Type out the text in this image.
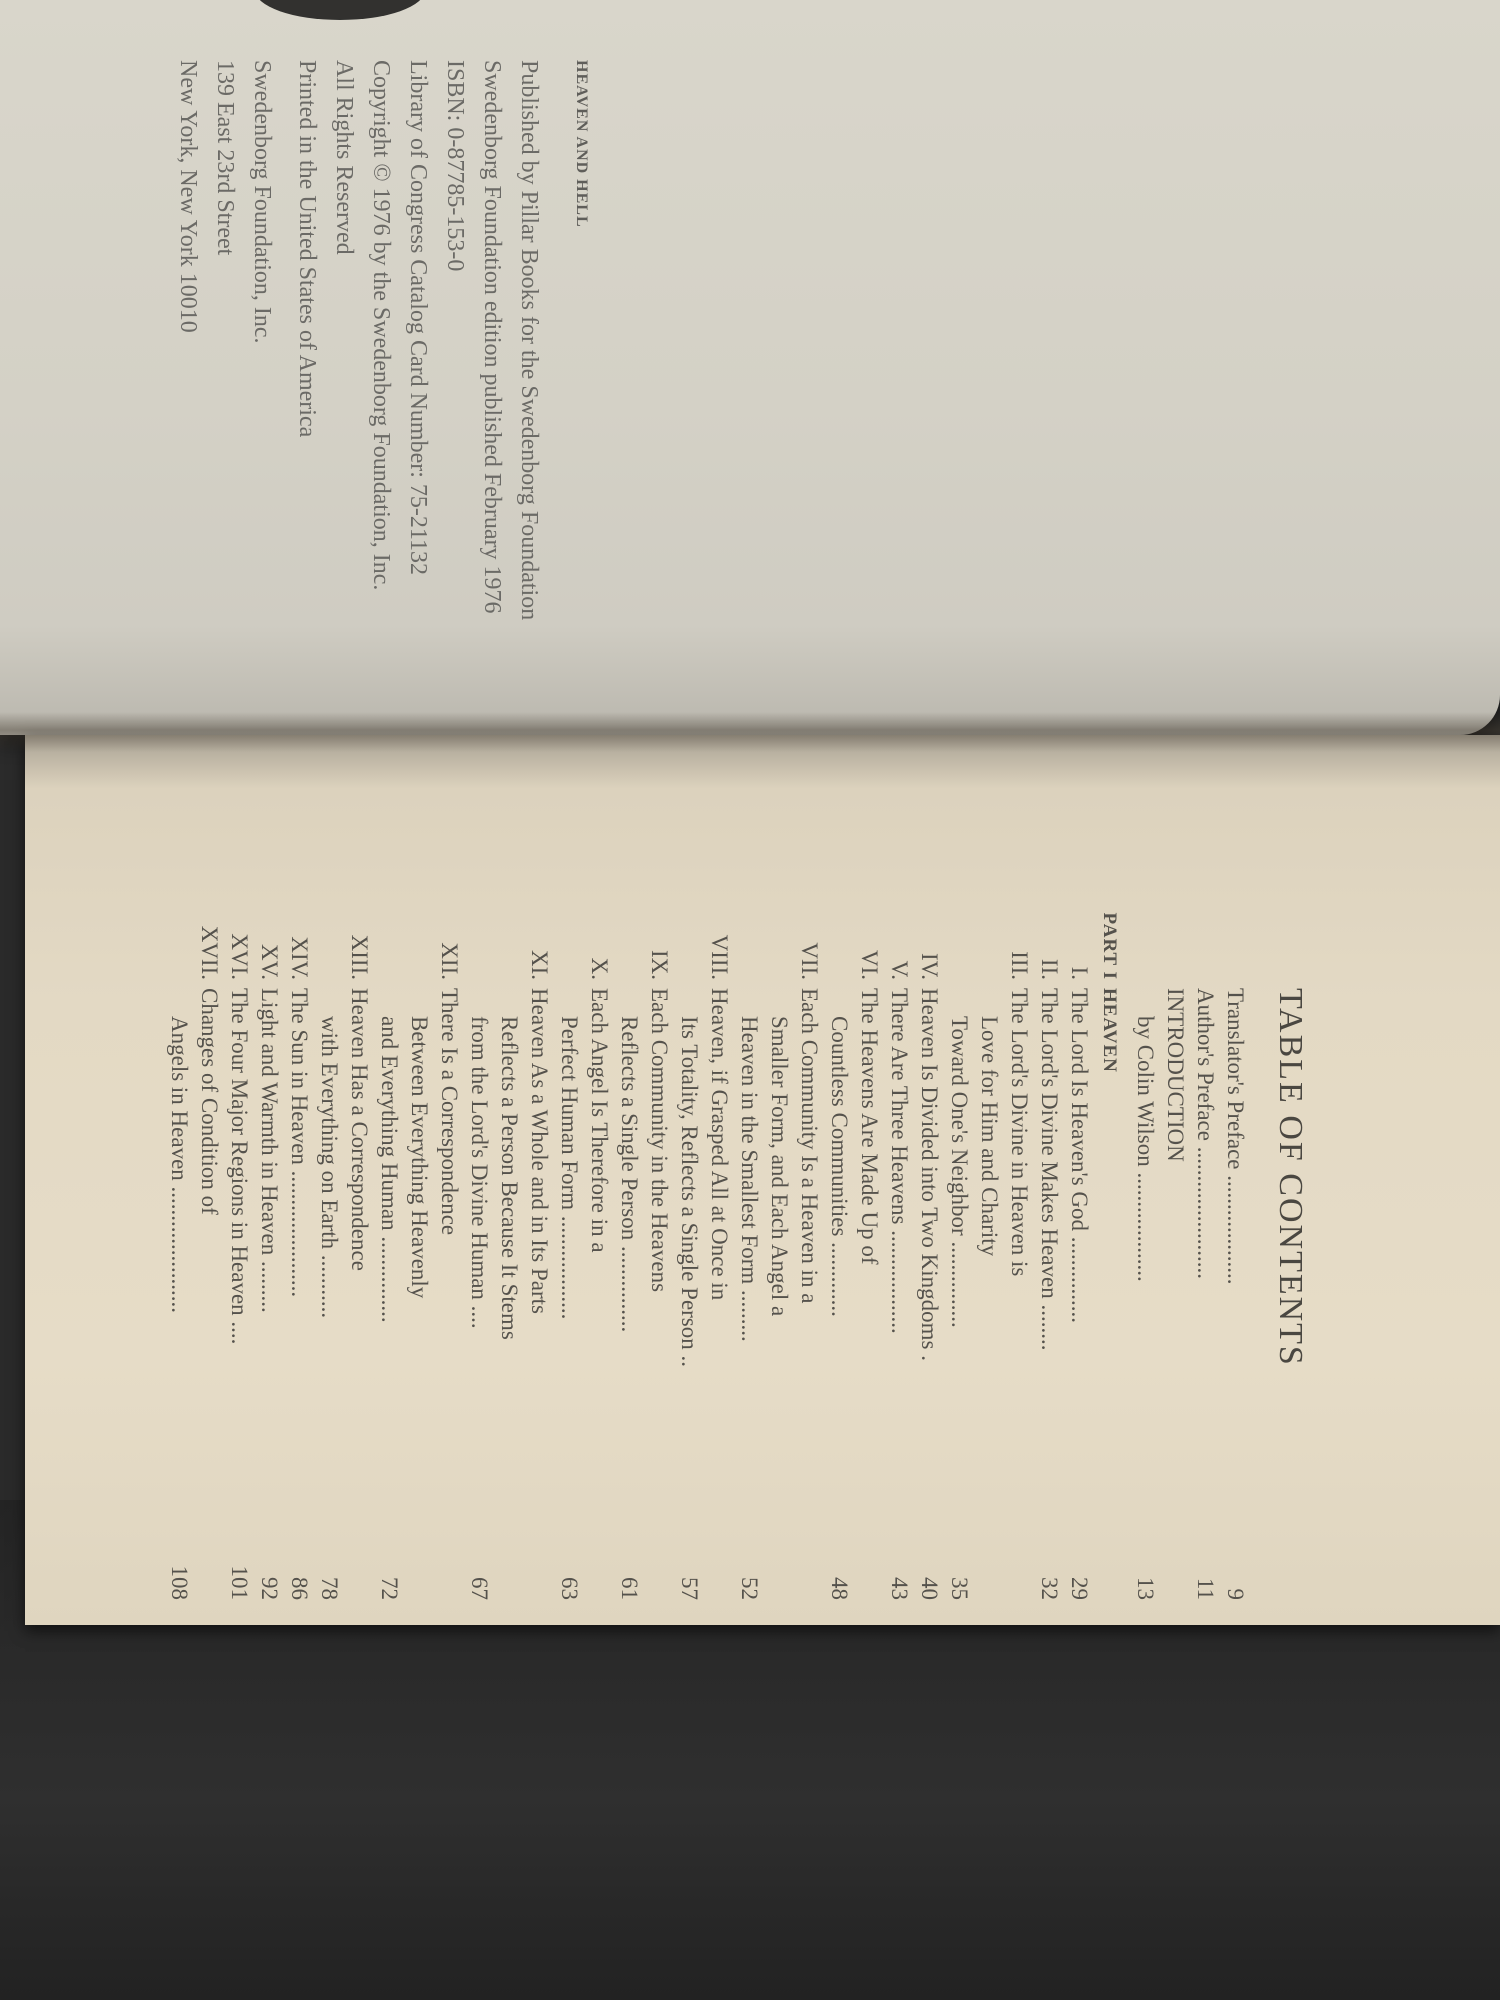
HEAVEN AND HELL
Published by Pillar Books for the Swedenborg Foundation
Swedenborg Foundation edition published February 1976
ISBN: 0-87785-153-0
Library of Congress Catalog Card Number: 75-21132
Copyright © 1976 by the Swedenborg Foundation, Inc.
All Rights Reserved
Printed in the United States of America
Swedenborg Foundation, Inc.
139 East 23rd Street
New York, New York 10010
TABLE OF CONTENTS
Translator's Preface ...................
9
Author's Preface .......................
11
INTRODUCTION
by Colin Wilson ...................
13
PART I
HEAVEN
I.
The Lord Is Heaven's God ...............
29
II.
The Lord's Divine Makes Heaven ........
32
III.
The Lord's Divine in Heaven is
Love for Him and Charity
Toward One's Neighbor ...............
35
IV.
Heaven Is Divided into Two Kingdoms .
40
V.
There Are Three Heavens ..................
43
VI.
The Heavens Are Made Up of
Countless Communities .............
48
VII.
Each Community Is a Heaven in a
Smaller Form, and Each Angel a
Heaven in the Smallest Form .........
52
VIII.
Heaven, if Grasped All at Once in
Its Totality, Reflects a Single Person ..
57
IX.
Each Community in the Heavens
Reflects a Single Person ...............
61
X.
Each Angel Is Therefore in a
Perfect Human Form ..................
63
XI.
Heaven As a Whole and in Its Parts
Reflects a Person Because It Stems
from the Lord's Divine Human ....
67
XII.
There Is a Correspondence
Between Everything Heavenly
and Everything Human ...............
72
XIII.
Heaven Has a Correspondence
with Everything on Earth ...........
78
XIV.
The Sun in Heaven ......................
86
XV.
Light and Warmth in Heaven .........
92
XVI.
The Four Major Regions in Heaven ....
101
XVII.
Changes of Condition of
Angels in Heaven ......................
108
